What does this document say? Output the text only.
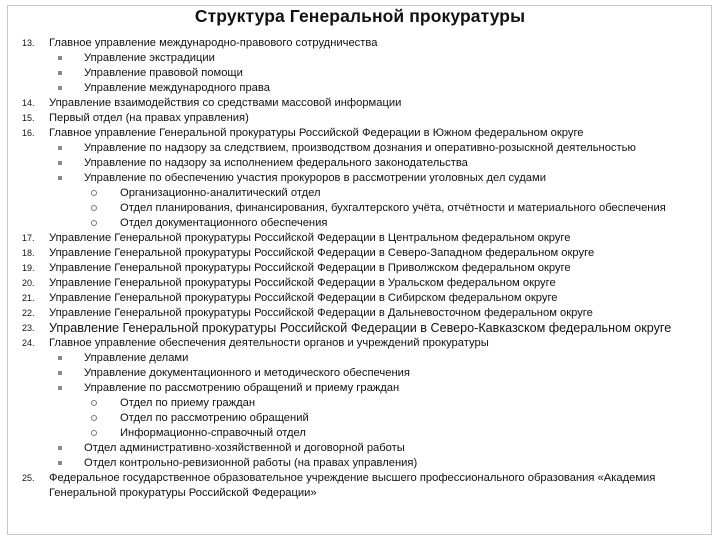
Структура Генеральной прокуратуры
13. Главное управление международно-правового сотрудничества
Управление экстрадиции
Управление правовой помощи
Управление международного права
14. Управление взаимодействия со средствами массовой информации
15. Первый отдел (на правах управления)
16. Главное управление Генеральной прокуратуры Российской Федерации в Южном федеральном округе
Управление по надзору за следствием, производством дознания и оперативно-розыскной деятельностью
Управление по надзору за исполнением федерального законодательства
Управление по обеспечению участия прокуроров в рассмотрении уголовных дел судами
Организационно-аналитический отдел
Отдел планирования, финансирования, бухгалтерского учёта, отчётности и материального обеспечения
Отдел документационного обеспечения
17. Управление Генеральной прокуратуры Российской Федерации в Центральном федеральном округе
18. Управление Генеральной прокуратуры Российской Федерации в Северо-Западном федеральном округе
19. Управление Генеральной прокуратуры Российской Федерации в Приволжском федеральном округе
20. Управление Генеральной прокуратуры Российской Федерации в Уральском федеральном округе
21. Управление Генеральной прокуратуры Российской Федерации в Сибирском федеральном округе
22. Управление Генеральной прокуратуры Российской Федерации в Дальневосточном федеральном округе
23. Управление Генеральной прокуратуры Российской Федерации в Северо-Кавказском федеральном округе
24. Главное управление обеспечения деятельности органов и учреждений прокуратуры
Управление делами
Управление документационного и методического обеспечения
Управление по рассмотрению обращений и приему граждан
Отдел по приему граждан
Отдел по рассмотрению обращений
Информационно-справочный отдел
Отдел административно-хозяйственной и договорной работы
Отдел контрольно-ревизионной работы (на правах управления)
25. Федеральное государственное образовательное учреждение высшего профессионального образования «Академия Генеральной прокуратуры Российской Федерации»
